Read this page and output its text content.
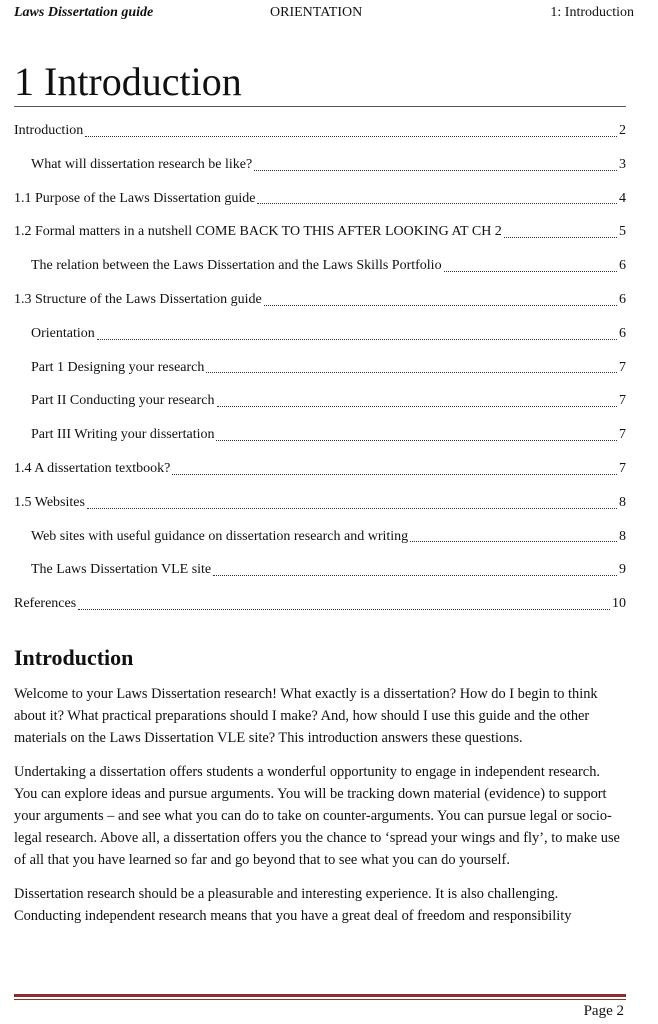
Laws Dissertation guide	ORIENTATION	1: Introduction
1 Introduction
Introduction	2
What will dissertation research be like?	3
1.1 Purpose of the Laws Dissertation guide	4
1.2 Formal matters in a nutshell COME BACK TO THIS AFTER LOOKING AT CH 2	5
The relation between the Laws Dissertation and the Laws Skills Portfolio	6
1.3 Structure of the Laws Dissertation guide	6
Orientation	6
Part 1 Designing your research	7
Part II Conducting your research	7
Part III Writing your dissertation	7
1.4 A dissertation textbook?	7
1.5 Websites	8
Web sites with useful guidance on dissertation research and writing	8
The Laws Dissertation VLE site	9
References	10
Introduction

Welcome to your Laws Dissertation research! What exactly is a dissertation? How do I begin to think about it? What practical preparations should I make? And, how should I use this guide and the other materials on the Laws Dissertation VLE site? This introduction answers these questions.

Undertaking a dissertation offers students a wonderful opportunity to engage in independent research. You can explore ideas and pursue arguments. You will be tracking down material (evidence) to support your arguments – and see what you can do to take on counter-arguments. You can pursue legal or socio-legal research. Above all, a dissertation offers you the chance to ‘spread your wings and fly’, to make use of all that you have learned so far and go beyond that to see what you can do yourself.

Dissertation research should be a pleasurable and interesting experience. It is also challenging. Conducting independent research means that you have a great deal of freedom and responsibility

Page 2
